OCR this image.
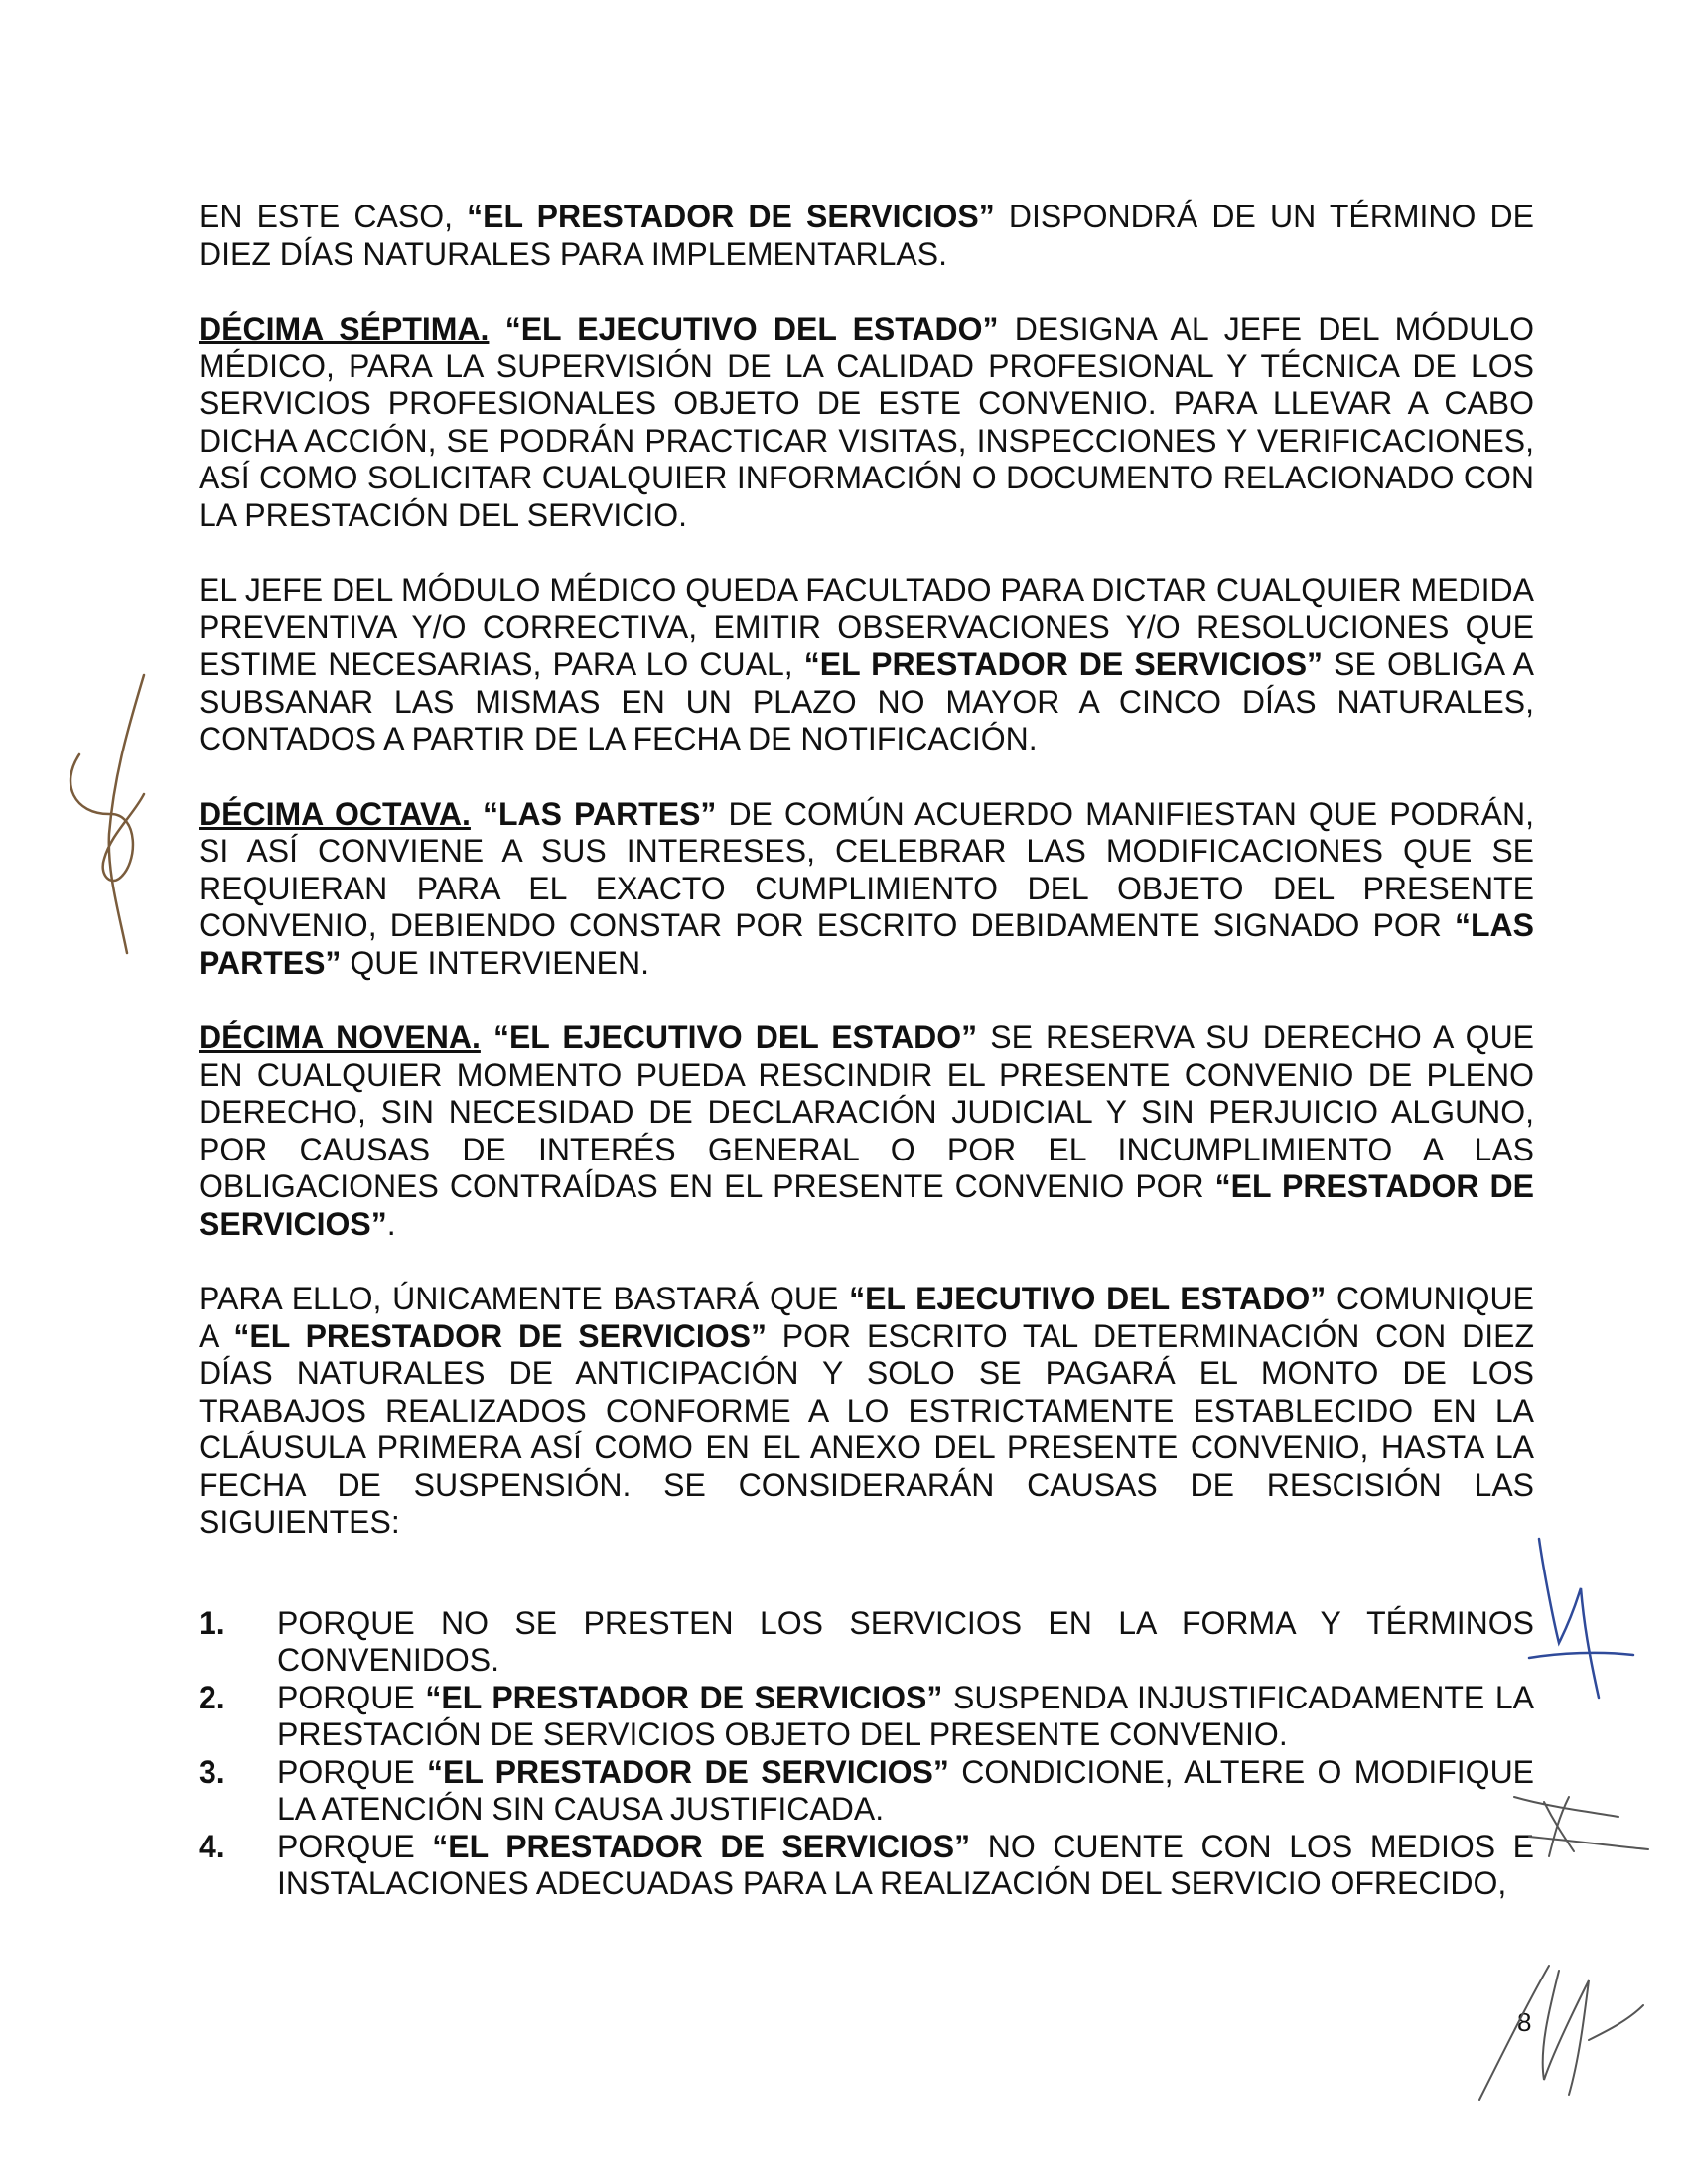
EN ESTE CASO, “EL PRESTADOR DE SERVICIOS” DISPONDRÁ DE UN TÉRMINO DE DIEZ DÍAS NATURALES PARA IMPLEMENTARLAS.

DÉCIMA SÉPTIMA. “EL EJECUTIVO DEL ESTADO” DESIGNA AL JEFE DEL MÓDULO MÉDICO, PARA LA SUPERVISIÓN DE LA CALIDAD PROFESIONAL Y TÉCNICA DE LOS SERVICIOS PROFESIONALES OBJETO DE ESTE CONVENIO. PARA LLEVAR A CABO DICHA ACCIÓN, SE PODRÁN PRACTICAR VISITAS, INSPECCIONES Y VERIFICACIONES, ASÍ COMO SOLICITAR CUALQUIER INFORMACIÓN O DOCUMENTO RELACIONADO CON LA PRESTACIÓN DEL SERVICIO.

EL JEFE DEL MÓDULO MÉDICO QUEDA FACULTADO PARA DICTAR CUALQUIER MEDIDA PREVENTIVA Y/O CORRECTIVA, EMITIR OBSERVACIONES Y/O RESOLUCIONES QUE ESTIME NECESARIAS, PARA LO CUAL, “EL PRESTADOR DE SERVICIOS” SE OBLIGA A SUBSANAR LAS MISMAS EN UN PLAZO NO MAYOR A CINCO DÍAS NATURALES, CONTADOS A PARTIR DE LA FECHA DE NOTIFICACIÓN.

DÉCIMA OCTAVA. “LAS PARTES” DE COMÚN ACUERDO MANIFIESTAN QUE PODRÁN, SI ASÍ CONVIENE A SUS INTERESES, CELEBRAR LAS MODIFICACIONES QUE SE REQUIERAN PARA EL EXACTO CUMPLIMIENTO DEL OBJETO DEL PRESENTE CONVENIO, DEBIENDO CONSTAR POR ESCRITO DEBIDAMENTE SIGNADO POR “LAS PARTES” QUE INTERVIENEN.

DÉCIMA NOVENA. “EL EJECUTIVO DEL ESTADO” SE RESERVA SU DERECHO A QUE EN CUALQUIER MOMENTO PUEDA RESCINDIR EL PRESENTE CONVENIO DE PLENO DERECHO, SIN NECESIDAD DE DECLARACIÓN JUDICIAL Y SIN PERJUICIO ALGUNO, POR CAUSAS DE INTERÉS GENERAL O POR EL INCUMPLIMIENTO A LAS OBLIGACIONES CONTRAÍDAS EN EL PRESENTE CONVENIO POR “EL PRESTADOR DE SERVICIOS”.

PARA ELLO, ÚNICAMENTE BASTARÁ QUE “EL EJECUTIVO DEL ESTADO” COMUNIQUE A “EL PRESTADOR DE SERVICIOS” POR ESCRITO TAL DETERMINACIÓN CON DIEZ DÍAS NATURALES DE ANTICIPACIÓN Y SOLO SE PAGARÁ EL MONTO DE LOS TRABAJOS REALIZADOS CONFORME A LO ESTRICTAMENTE ESTABLECIDO EN LA CLÁUSULA PRIMERA ASÍ COMO EN EL ANEXO DEL PRESENTE CONVENIO, HASTA LA FECHA DE SUSPENSIÓN. SE CONSIDERARÁN CAUSAS DE RESCISIÓN LAS SIGUIENTES:

1. PORQUE NO SE PRESTEN LOS SERVICIOS EN LA FORMA Y TÉRMINOS CONVENIDOS.
2. PORQUE “EL PRESTADOR DE SERVICIOS” SUSPENDA INJUSTIFICADAMENTE LA PRESTACIÓN DE SERVICIOS OBJETO DEL PRESENTE CONVENIO.
3. PORQUE “EL PRESTADOR DE SERVICIOS” CONDICIONE, ALTERE O MODIFIQUE LA ATENCIÓN SIN CAUSA JUSTIFICADA.
4. PORQUE “EL PRESTADOR DE SERVICIOS” NO CUENTE CON LOS MEDIOS E INSTALACIONES ADECUADAS PARA LA REALIZACIÓN DEL SERVICIO OFRECIDO,
8
